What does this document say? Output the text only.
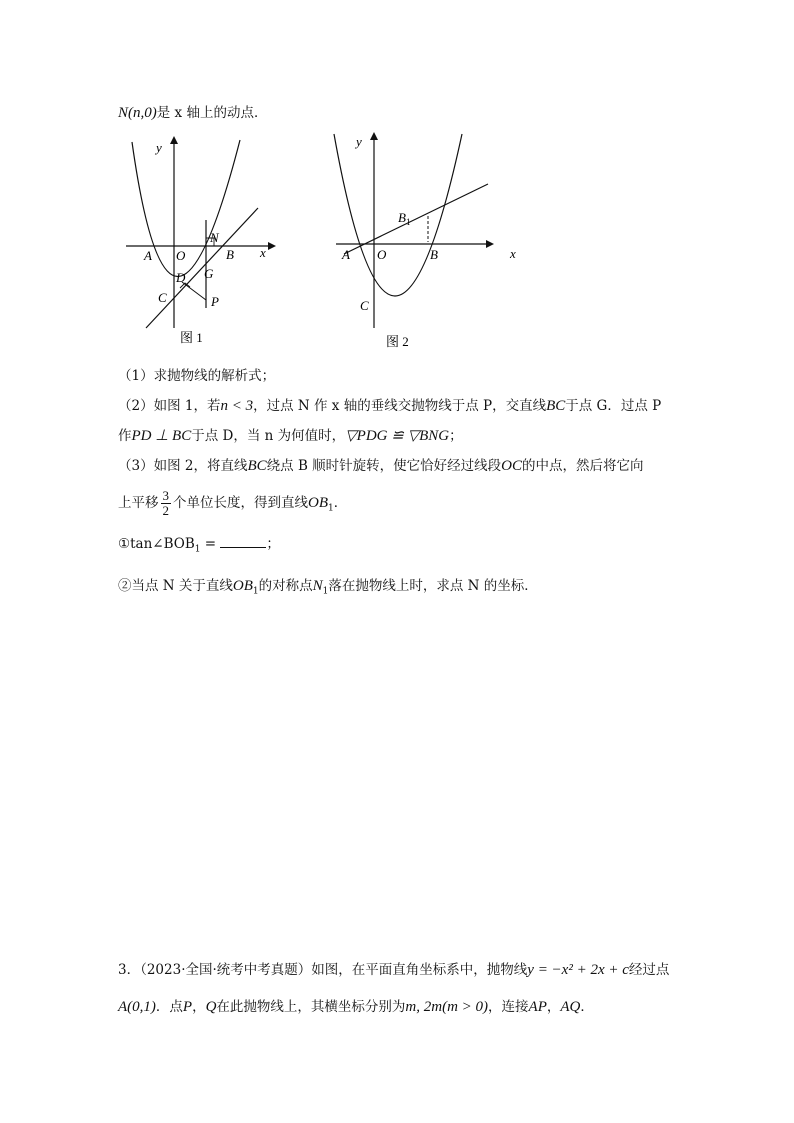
N(n,0)是 x 轴上的动点．
y
x
A O	B
N
G
D
C	P
图 1
y
x
A O	B
$B_1$
C
图 2
（1）求抛物线的解析式；
（2）如图 1，若n < 3，过点 N 作 x 轴的垂线交抛物线于点 P，交直线BC于点 G．过点 P
作PD ⊥ BC于点 D，当 n 为何值时，▽PDG ≌ ▽BNG；
（3）如图 2，将直线BC绕点 B 顺时针旋转，使它恰好经过线段OC的中点，然后将它向
上平移 $\frac{3}{2}$ 个单位长度，得到直线$OB_1$．
$①\tan\angle BOB_1$ =	；
②当点 N 关于直线$OB_1$的对称点$N_1$落在抛物线上时，求点 N 的坐标．
3．（2023·全国·统考中考真题）如图，在平面直角坐标系中，抛物线y = −x² + 2x + c经过点
A(0,1)．点P，Q在此抛物线上，其横坐标分别为m, 2m(m > 0)，连接AP，AQ．
